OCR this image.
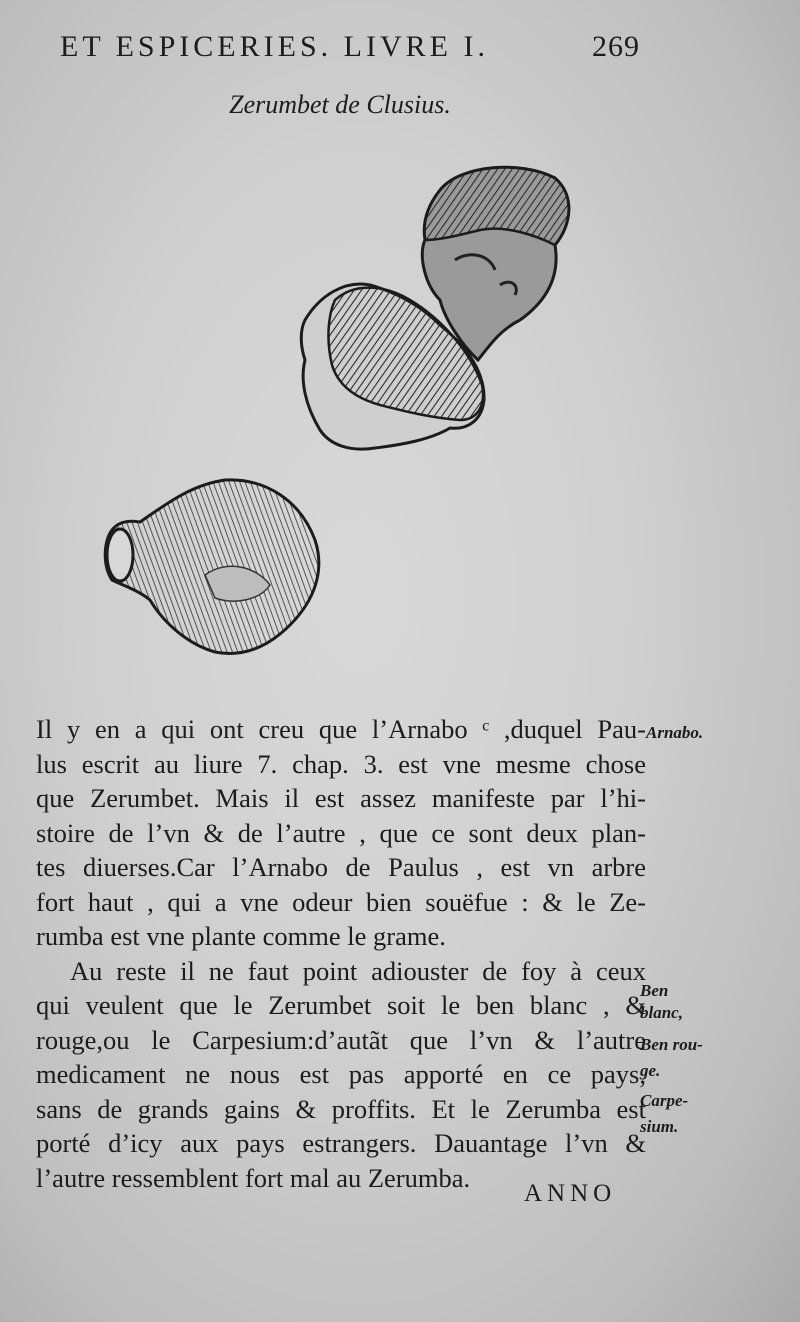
ET ESPICERIES. LIVRE I.	269
Zerumbet de Clusius.
Il y en a qui ont creu que l’Arnabo ᶜ ,duquel Pau-
lus escrit au liure 7. chap. 3. est vne mesme chose
que Zerumbet. Mais il est assez manifeste par l’hi-
stoire de l’vn & de l’autre , que ce sont deux plan-
tes diuerses.Car l’Arnabo de Paulus , est vn arbre
fort haut , qui a vne odeur bien souëfue : & le Ze-
rumba est vne plante comme le grame.
Au reste il ne faut point adiouster de foy à ceux
qui veulent que le Zerumbet soit le ben blanc , &
rouge,ou le Carpesium:d’autãt que l’vn & l’autre
medicament ne nous est pas apporté en ce pays,
sans de grands gains & proffits. Et le Zerumba est
porté d’icy aux pays estrangers. Dauantage l’vn &
l’autre ressemblent fort mal au Zerumba.
Arnabo.
Ben
blanc,
Ben rou-
ge.
Carpe-
sium.
ANNO
